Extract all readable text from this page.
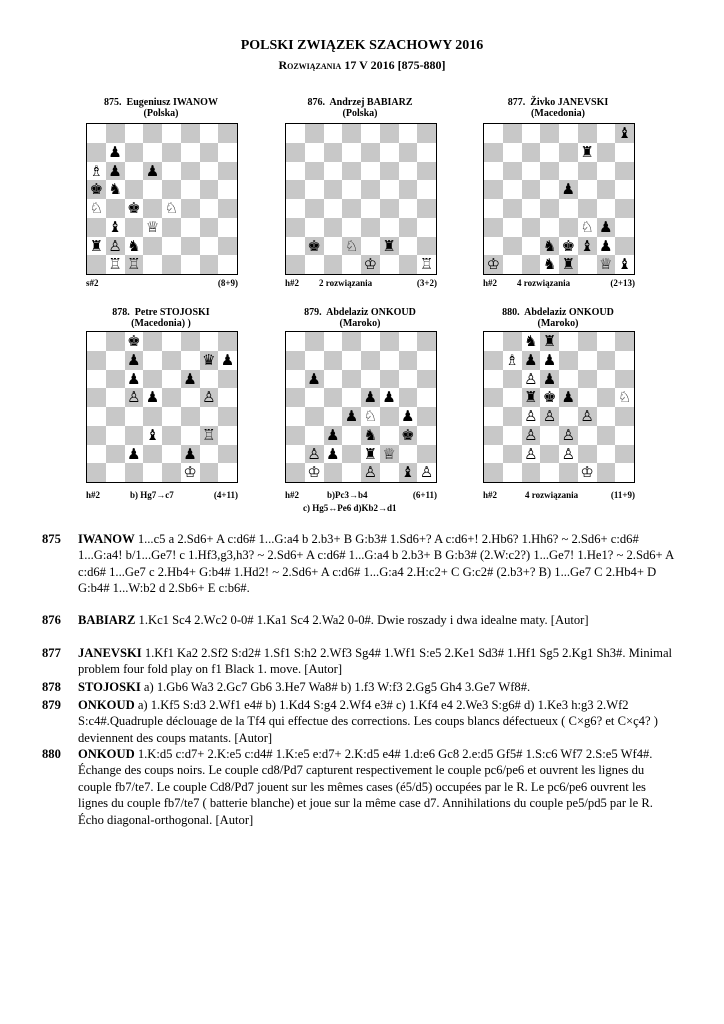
POLSKI ZWIĄZEK SZACHOWY 2016
Rozwiązania 17 V 2016 [875-880]
875. Eugeniusz IWANOW
(Polska)
♟
♗ ♟ ♟
♚ ♞
♘ ♚ ♘
♝ ♕
♜ ♙ ♞
♖ ♖
s#2	(8+9)
876. Andrzej BABIARZ
(Polska)
♚ ♘ ♜
♔	♖
h#2 2 rozwiązania	(3+2)
877. Živko JANEVSKI
(Macedonia)
♝
♜
♟
♘ ♟
♞ ♚ ♝ ♟
♔	♞ ♜ ♕ ♝
h#2 4 rozwiązania	(2+13)
878. Petre STOJOSKI
(Macedonia) )
♚
♟	♛ ♟
♟	♟
♙ ♟	♙
♝	♖
♟	♟
♔
h#2	b) Hg7→c7	(4+11)
879. Abdelaziz ONKOUD
(Maroko)
♟
♟ ♟
♟ ♘ ♟
♟ ♞ ♚
♙ ♟ ♜ ♕
♔	♙ ♝ ♙
h#2	b)Pc3→b4	(6+11)
c) Hg5↔Pe6 d)Kb2→d1
880. Abdelaziz ONKOUD
(Maroko)
♞ ♜
♗ ♟ ♟
♙ ♟
♜ ♚ ♟	♘
♙ ♙ ♙
♙ ♙
♙ ♙
♔
h#2	4 rozwiązania	(11+9)
875 IWANOW 1...c5 a 2.Sd6+ A c:d6# 1...G:a4 b 2.b3+ B G:b3# 1.Sd6+? A c:d6+! 2.Hb6? 1.Hh6? ~ 2.Sd6+ c:d6# 1...G:a4! b/1...Ge7! c 1.Hf3,g3,h3? ~ 2.Sd6+ A c:d6# 1...G:a4 b 2.b3+ B G:b3# (2.W:c2?) 1...Ge7! 1.He1? ~ 2.Sd6+ A c:d6# 1...Ge7 c 2.Hb4+ G:b4# 1.Hd2! ~ 2.Sd6+ A c:d6# 1...G:a4 2.H:c2+ C G:c2# (2.b3+? B) 1...Ge7 C 2.Hb4+ D G:b4# 1...W:b2 d 2.Sb6+ E c:b6#.
876 BABIARZ 1.Kc1 Sc4 2.Wc2 0-0# 1.Ka1 Sc4 2.Wa2 0-0#. Dwie roszady i dwa idealne maty. [Autor]
877 JANEVSKI 1.Kf1 Ka2 2.Sf2 S:d2# 1.Sf1 S:h2 2.Wf3 Sg4# 1.Wf1 S:e5 2.Ke1 Sd3# 1.Hf1 Sg5 2.Kg1 Sh3#. Minimal problem four fold play on f1 Black 1. move. [Autor]
878 STOJOSKI a) 1.Gb6 Wa3 2.Gc7 Gb6 3.He7 Wa8# b) 1.f3 W:f3 2.Gg5 Gh4 3.Ge7 Wf8#.
879 ONKOUD a) 1.Kf5 S:d3 2.Wf1 e4# b) 1.Kd4 S:g4 2.Wf4 e3# c) 1.Kf4 e4 2.We3 S:g6# d) 1.Ke3 h:g3 2.Wf2 S:c4#.Quadruple déclouage de la Tf4 qui effectue des corrections. Les coups blancs défectueux ( C×g6? et C×ç4? ) deviennent des coups matants. [Autor]
880 ONKOUD 1.K:d5 c:d7+ 2.K:e5 c:d4# 1.K:e5 e:d7+ 2.K:d5 e4# 1.d:e6 Gc8 2.e:d5 Gf5# 1.S:c6 Wf7 2.S:e5 Wf4#. Échange des coups noirs. Le couple cd8/Pd7 capturent respectivement le couple pc6/pe6 et ouvrent les lignes du couple fb7/te7. Le couple Cd8/Pd7 jouent sur les mêmes cases (é5/d5) occupées par le R. Le pc6/pe6 ouvrent les lignes du couple fb7/te7 ( batterie blanche) et joue sur la même case d7. Annihilations du couple pe5/pd5 par le R. Écho diagonal-orthogonal. [Autor]
